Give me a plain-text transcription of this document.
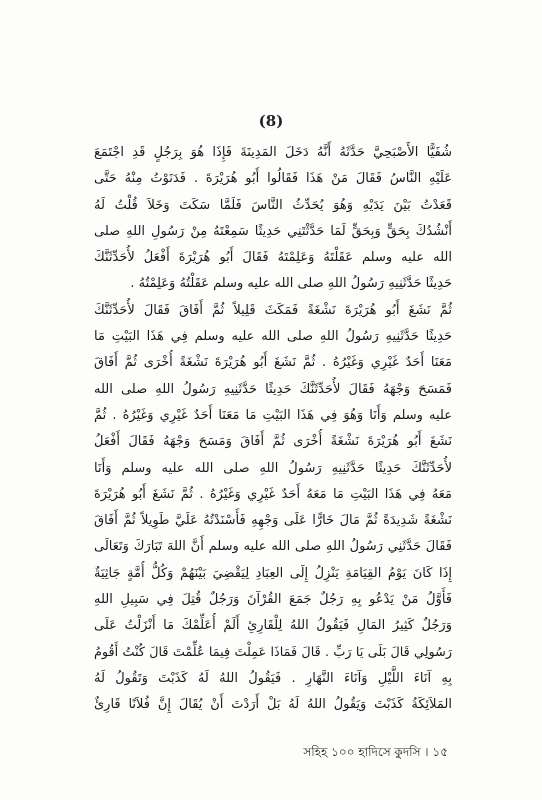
(8)
شُفَيًّا الأَصْبَحِيَّ حَدَّثَهُ أَنَّهُ دَخَلَ المَدِينَةَ فَإِذَا هُوَ بِرَجُلٍ قَدِ اجْتَمَعَ
عَلَيْهِ النَّاسُ فَقَالَ مَنْ هَذَا فَقَالُوا أَبُو هُرَيْرَةَ . فَدَنَوْتُ مِنْهُ حَتَّى
قَعَدْتُ بَيْنَ يَدَيْهِ وَهُوَ يُحَدِّثُ النَّاسَ فَلَمَّا سَكَتَ وَخَلاَ قُلْتُ لَهُ
أَنْشُدُكَ بِحَقٍّ وَبِحَقٍّ لَمَا حَدَّثْتَنِي حَدِيثًا سَمِعْتَهُ مِنْ رَسُولِ اللهِ صلى
الله عليه وسلم عَقَلْتَهُ وَعَلِمْتَهُ فَقَالَ أَبُو هُرَيْرَةَ أَفْعَلُ لأُحَدِّثَنَّكَ
حَدِيثًا حَدَّثَنِيهِ رَسُولُ اللهِ صلى الله عليه وسلم عَقَلْتُهُ وَعَلِمْتُهُ .
ثُمَّ نَشَغَ أَبُو هُرَيْرَةَ نَشْغَةً فَمَكَثَ قَلِيلاً ثُمَّ أَفَاقَ فَقَالَ لأُحَدِّثَنَّكَ
حَدِيثًا حَدَّثَنِيهِ رَسُولُ اللهِ صلى الله عليه وسلم فِي هَذَا البَيْتِ مَا
مَعَنَا أَحَدٌ غَيْرِي وَغَيْرُهُ . ثُمَّ نَشَغَ أَبُو هُرَيْرَةَ نَشْغَةً أُخْرَى ثُمَّ أَفَاقَ
فَمَسَحَ وَجْهَهُ فَقَالَ لأُحَدِّثَنَّكَ حَدِيثًا حَدَّثَنِيهِ رَسُولُ اللهِ صلى الله
عليه وسلم وَأَنَا وَهُوَ فِي هَذَا البَيْتِ مَا مَعَنَا أَحَدٌ غَيْرِي وَغَيْرُهُ . ثُمَّ
نَشَغَ أَبُو هُرَيْرَةَ نَشْغَةً أُخْرَى ثُمَّ أَفَاقَ وَمَسَحَ وَجْهَهُ فَقَالَ أَفْعَلُ
لأُحَدِّثَنَّكَ حَدِيثًا حَدَّثَنِيهِ رَسُولُ اللهِ صلى الله عليه وسلم وَأَنَا
مَعَهُ فِي هَذَا البَيْتِ مَا مَعَهُ أَحَدٌ غَيْرِي وَغَيْرُهُ . ثُمَّ نَشَغَ أَبُو هُرَيْرَةَ
نَشْغَةً شَدِيدَةً ثُمَّ مَالَ خَارًّا عَلَى وَجْهِهِ فَأَسْنَدْتُهُ عَلَيَّ طَوِيلاً ثُمَّ أَفَاقَ
فَقَالَ حَدَّثَنِي رَسُولُ اللهِ صلى الله عليه وسلم أَنَّ اللهَ تَبَارَكَ وَتَعَالَى
إِذَا كَانَ يَوْمُ القِيَامَةِ يَنْزِلُ إِلَى العِبَادِ لِيَقْضِيَ بَيْنَهُمْ وَكُلُّ أُمَّةٍ جَاثِيَةٌ
فَأَوَّلُ مَنْ يَدْعُو بِهِ رَجُلٌ جَمَعَ القُرْآنَ وَرَجُلٌ قُتِلَ فِي سَبِيلِ اللهِ
وَرَجُلٌ كَثِيرُ المَالِ فَيَقُولُ اللهُ لِلْقَارِئِ أَلَمْ أُعَلِّمْكَ مَا أَنْزَلْتُ عَلَى
رَسُولِي قَالَ بَلَى يَا رَبِّ . قَالَ فَمَاذَا عَمِلْتَ فِيمَا عُلِّمْتَ قَالَ كُنْتُ أَقُومُ
بِهِ آنَاءَ اللَّيْلِ وَآنَاءَ النَّهَارِ . فَيَقُولُ اللهُ لَهُ كَذَبْتَ وَتَقُولُ لَهُ
المَلاَئِكَةُ كَذَبْتَ وَيَقُولُ اللهُ لَهُ بَلْ أَرَدْتَ أَنْ يُقَالَ إِنَّ فُلاَنًا قَارِئٌ
সহিহ ১০০ হাদিসে কুদসি । ১৫
